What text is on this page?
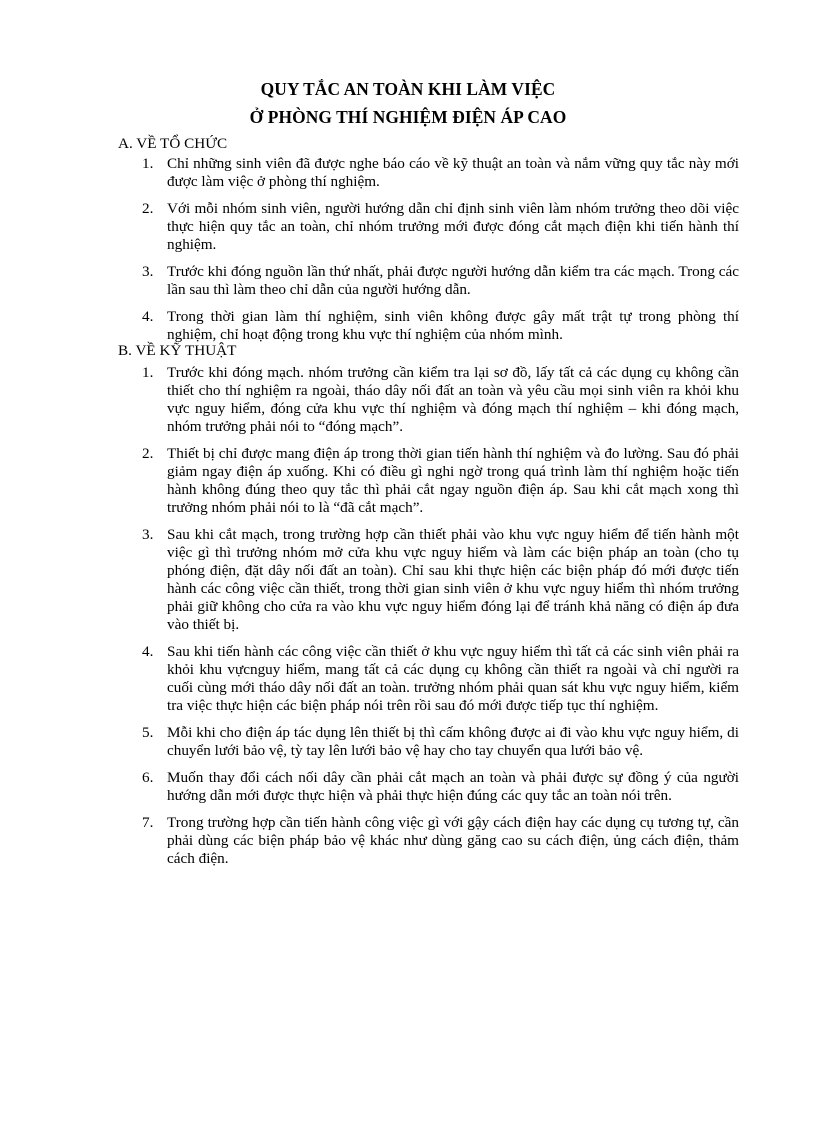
QUY TẮC AN TOÀN KHI LÀM VIỆC
Ở PHÒNG THÍ NGHIỆM ĐIỆN ÁP CAO

A. VỀ TỔ CHỨC

1. Chỉ những sinh viên đã được nghe báo cáo về kỹ thuật an toàn và nắm vững quy tắc này mới được làm việc ở phòng thí nghiệm.
2. Với mỗi nhóm sinh viên, người hướng dẫn chỉ định sinh viên làm nhóm trưởng theo dõi việc thực hiện quy tắc an toàn, chỉ nhóm trưởng mới được đóng cắt mạch điện khi tiến hành thí nghiệm.
3. Trước khi đóng nguồn lần thứ nhất, phải được người hướng dẫn kiểm tra các mạch. Trong các lần sau thì làm theo chỉ dẫn của người hướng dẫn.
4. Trong thời gian làm thí nghiệm, sinh viên không được gây mất trật tự trong phòng thí nghiệm, chỉ hoạt động trong khu vực thí nghiệm của nhóm mình.

B. VỀ KỸ THUẬT

1. Trước khi đóng mạch. nhóm trưởng cần kiểm tra lại sơ đồ, lấy tất cả các dụng cụ không cần thiết cho thí nghiệm ra ngoài, tháo dây nối đất an toàn và yêu cầu mọi sinh viên ra khỏi khu vực nguy hiểm, đóng cửa khu vực thí nghiệm và đóng mạch thí nghiệm – khi đóng mạch, nhóm trưởng phải nói to “đóng mạch”.
2. Thiết bị chỉ được mang điện áp trong thời gian tiến hành thí nghiệm và đo lường. Sau đó phải giảm ngay điện áp xuống. Khi có điều gì nghi ngờ trong quá trình làm thí nghiệm hoặc tiến hành không đúng theo quy tắc thì phải cắt ngay nguồn điện áp. Sau khi cắt mạch xong thì trưởng nhóm phải nói to là “đã cắt mạch”.
3. Sau khi cắt mạch, trong trường hợp cần thiết phải vào khu vực nguy hiểm để tiến hành một việc gì thì trưởng nhóm mở cửa khu vực nguy hiểm và làm các biện pháp an toàn (cho tụ phóng điện, đặt dây nối đất an toàn). Chỉ sau khi thực hiện các biện pháp đó mới được tiến hành các công việc cần thiết, trong thời gian sinh viên ở khu vực nguy hiểm thì nhóm trưởng phải giữ không cho cửa ra vào khu vực nguy hiểm đóng lại để tránh khả năng có điện áp đưa vào thiết bị.
4. Sau khi tiến hành các công việc cần thiết ở khu vực nguy hiểm thì tất cả các sinh viên phải ra khỏi khu vựcnguy hiểm, mang tất cả các dụng cụ không cần thiết ra ngoài và chỉ người ra cuối cùng mới tháo dây nối đất an toàn. trưởng nhóm phải quan sát khu vực nguy hiểm, kiểm tra việc thực hiện các biện pháp nói trên rồi sau đó mới được tiếp tục thí nghiệm.
5. Mỗi khi cho điện áp tác dụng lên thiết bị thì cấm không được ai đi vào khu vực nguy hiểm, di chuyển lưới bảo vệ, tỳ tay lên lưới bảo vệ hay cho tay chuyển qua lưới bảo vệ.
6. Muốn thay đổi cách nối dây cần phải cắt mạch an toàn và phải được sự đồng ý của người hướng dẫn mới được thực hiện và phải thực hiện đúng các quy tắc an toàn nói trên.
7. Trong trường hợp cần tiến hành công việc gì với gậy cách điện hay các dụng cụ tương tự, cần phải dùng các biện pháp bảo vệ khác như dùng găng cao su cách điện, ủng cách điện, thảm cách điện.
